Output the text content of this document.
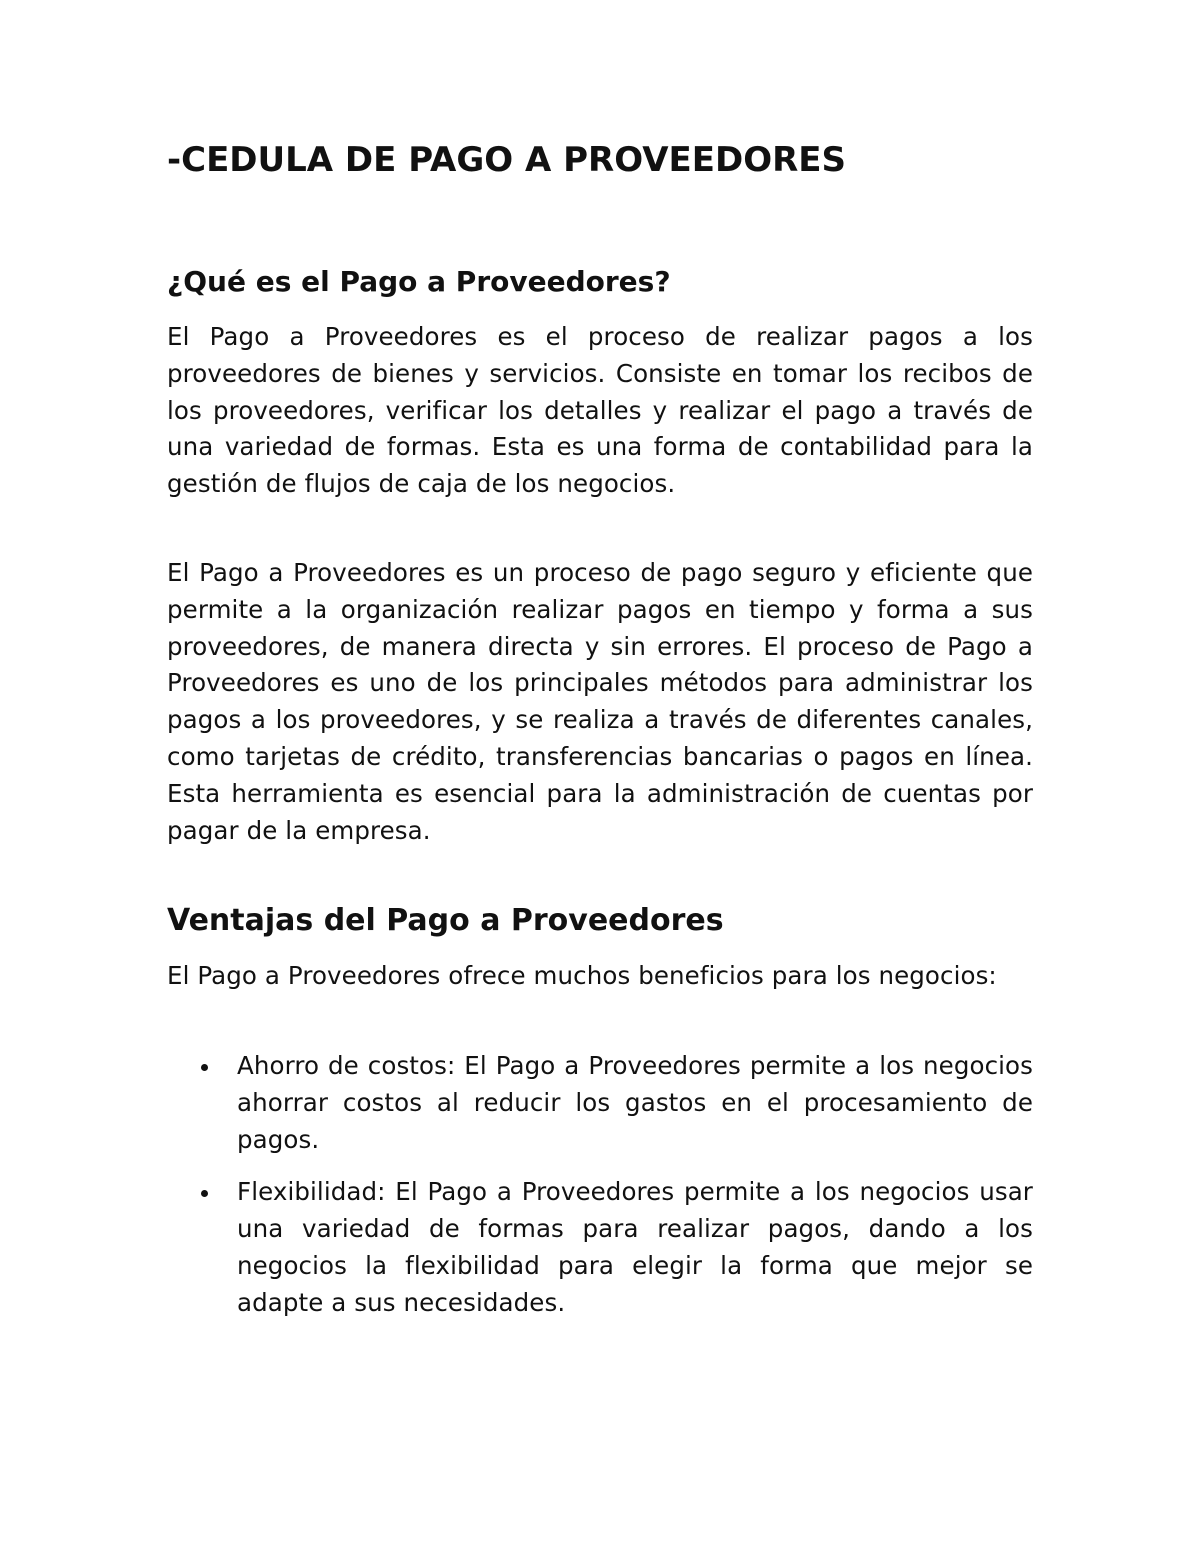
-CEDULA DE PAGO A PROVEEDORES
¿Qué es el Pago a Proveedores?

El Pago a Proveedores es el proceso de realizar pagos a los proveedores de bienes y servicios. Consiste en tomar los recibos de los proveedores, verificar los detalles y realizar el pago a través de una variedad de formas. Esta es una forma de contabilidad para la gestión de flujos de caja de los negocios.

El Pago a Proveedores es un proceso de pago seguro y eficiente que permite a la organización realizar pagos en tiempo y forma a sus proveedores, de manera directa y sin errores. El proceso de Pago a Proveedores es uno de los principales métodos para administrar los pagos a los proveedores, y se realiza a través de diferentes canales, como tarjetas de crédito, transferencias bancarias o pagos en línea. Esta herramienta es esencial para la administración de cuentas por pagar de la empresa.

Ventajas del Pago a Proveedores

El Pago a Proveedores ofrece muchos beneficios para los negocios:

Ahorro de costos: El Pago a Proveedores permite a los negocios ahorrar costos al reducir los gastos en el procesamiento de pagos.
Flexibilidad: El Pago a Proveedores permite a los negocios usar una variedad de formas para realizar pagos, dando a los negocios la flexibilidad para elegir la forma que mejor se adapte a sus necesidades.
